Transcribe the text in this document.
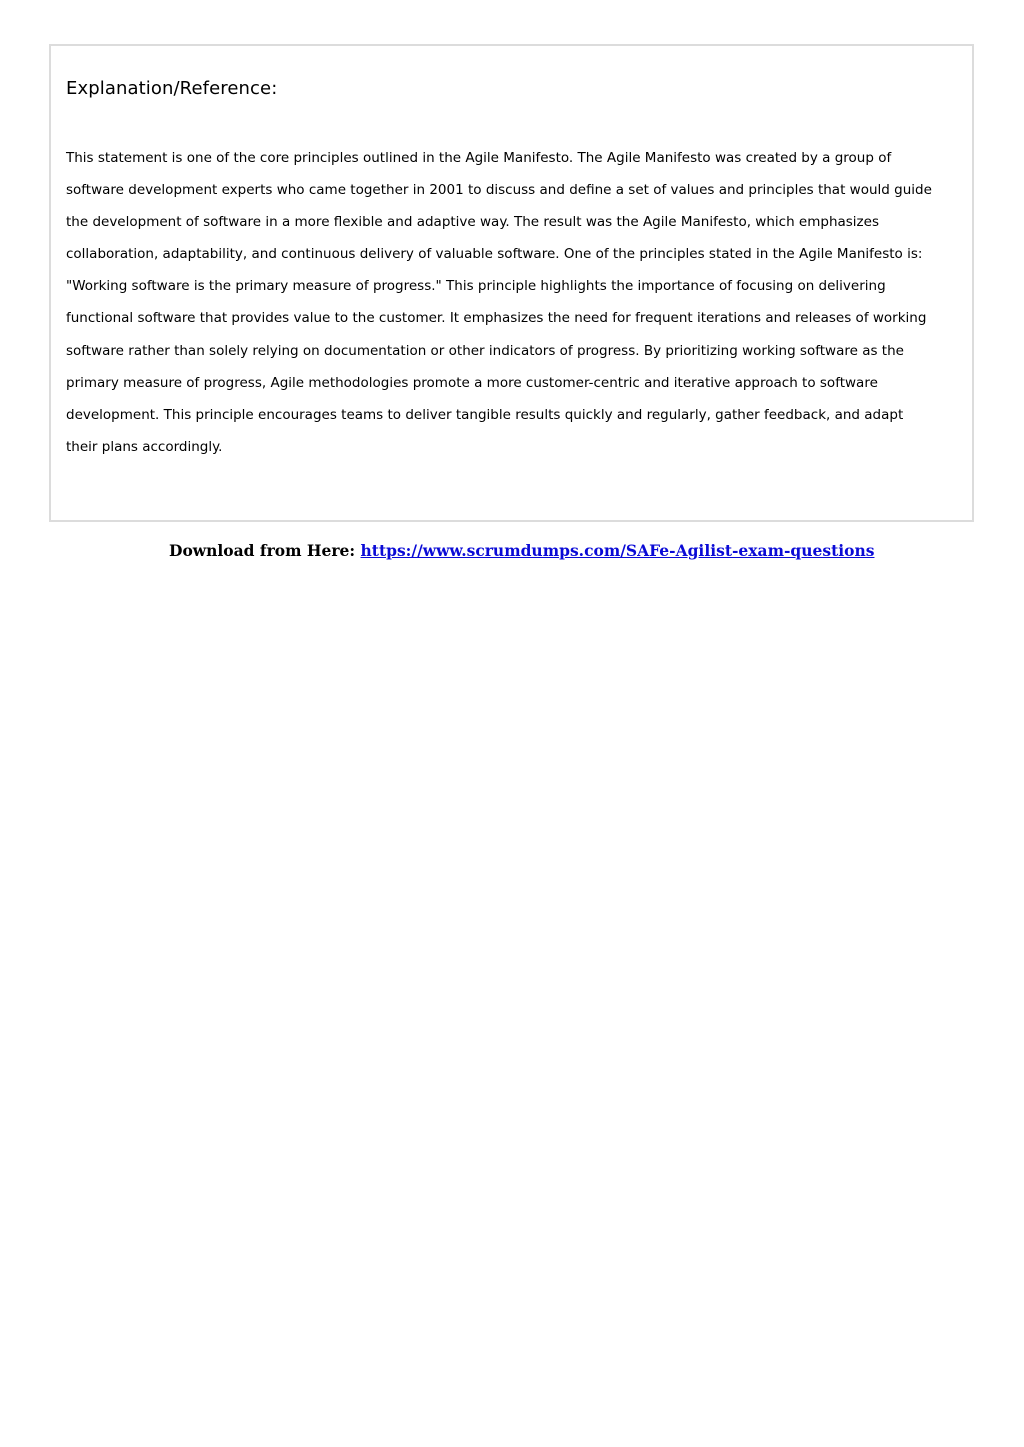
Explanation/Reference:
This statement is one of the core principles outlined in the Agile Manifesto. The Agile Manifesto was created by a group of
software development experts who came together in 2001 to discuss and define a set of values and principles that would guide
the development of software in a more flexible and adaptive way. The result was the Agile Manifesto, which emphasizes
collaboration, adaptability, and continuous delivery of valuable software. One of the principles stated in the Agile Manifesto is:
"Working software is the primary measure of progress." This principle highlights the importance of focusing on delivering
functional software that provides value to the customer. It emphasizes the need for frequent iterations and releases of working
software rather than solely relying on documentation or other indicators of progress. By prioritizing working software as the
primary measure of progress, Agile methodologies promote a more customer-centric and iterative approach to software
development. This principle encourages teams to deliver tangible results quickly and regularly, gather feedback, and adapt
their plans accordingly.

Download from Here: https://www.scrumdumps.com/SAFe-Agilist-exam-questions
